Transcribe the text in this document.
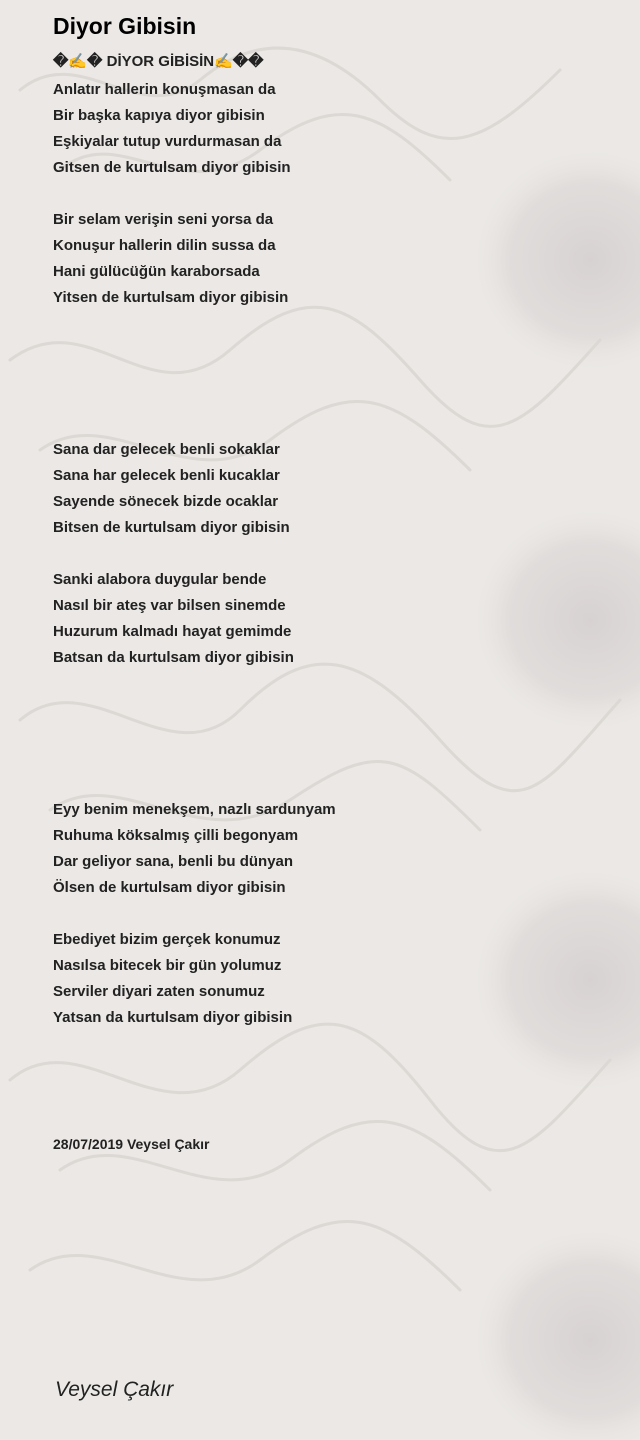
Diyor Gibisin
�✍� DİYOR GİBİSİN✍��
Anlatır hallerin konuşmasan da
Bir başka kapıya diyor gibisin
Eşkiyalar tutup vurdurmasan da
Gitsen de kurtulsam diyor gibisin
Bir selam verişin seni yorsa da
Konuşur hallerin dilin sussa da
Hani gülücüğün karaborsada
Yitsen de kurtulsam diyor gibisin
Sana dar gelecek benli sokaklar
Sana har gelecek benli kucaklar
Sayende sönecek bizde ocaklar
Bitsen de kurtulsam diyor gibisin
Sanki alabora duygular bende
Nasıl bir ateş var bilsen sinemde
Huzurum kalmadı hayat gemimde
Batsan da kurtulsam diyor gibisin
Eyy benim menekşem, nazlı sardunyam
Ruhuma köksalmış çilli begonyam
Dar geliyor sana, benli bu dünyan
Ölsen de kurtulsam diyor gibisin
Ebediyet bizim gerçek konumuz
Nasılsa bitecek bir gün yolumuz
Serviler diyari zaten sonumuz
Yatsan da kurtulsam diyor gibisin
28/07/2019 Veysel Çakır
Veysel Çakır
